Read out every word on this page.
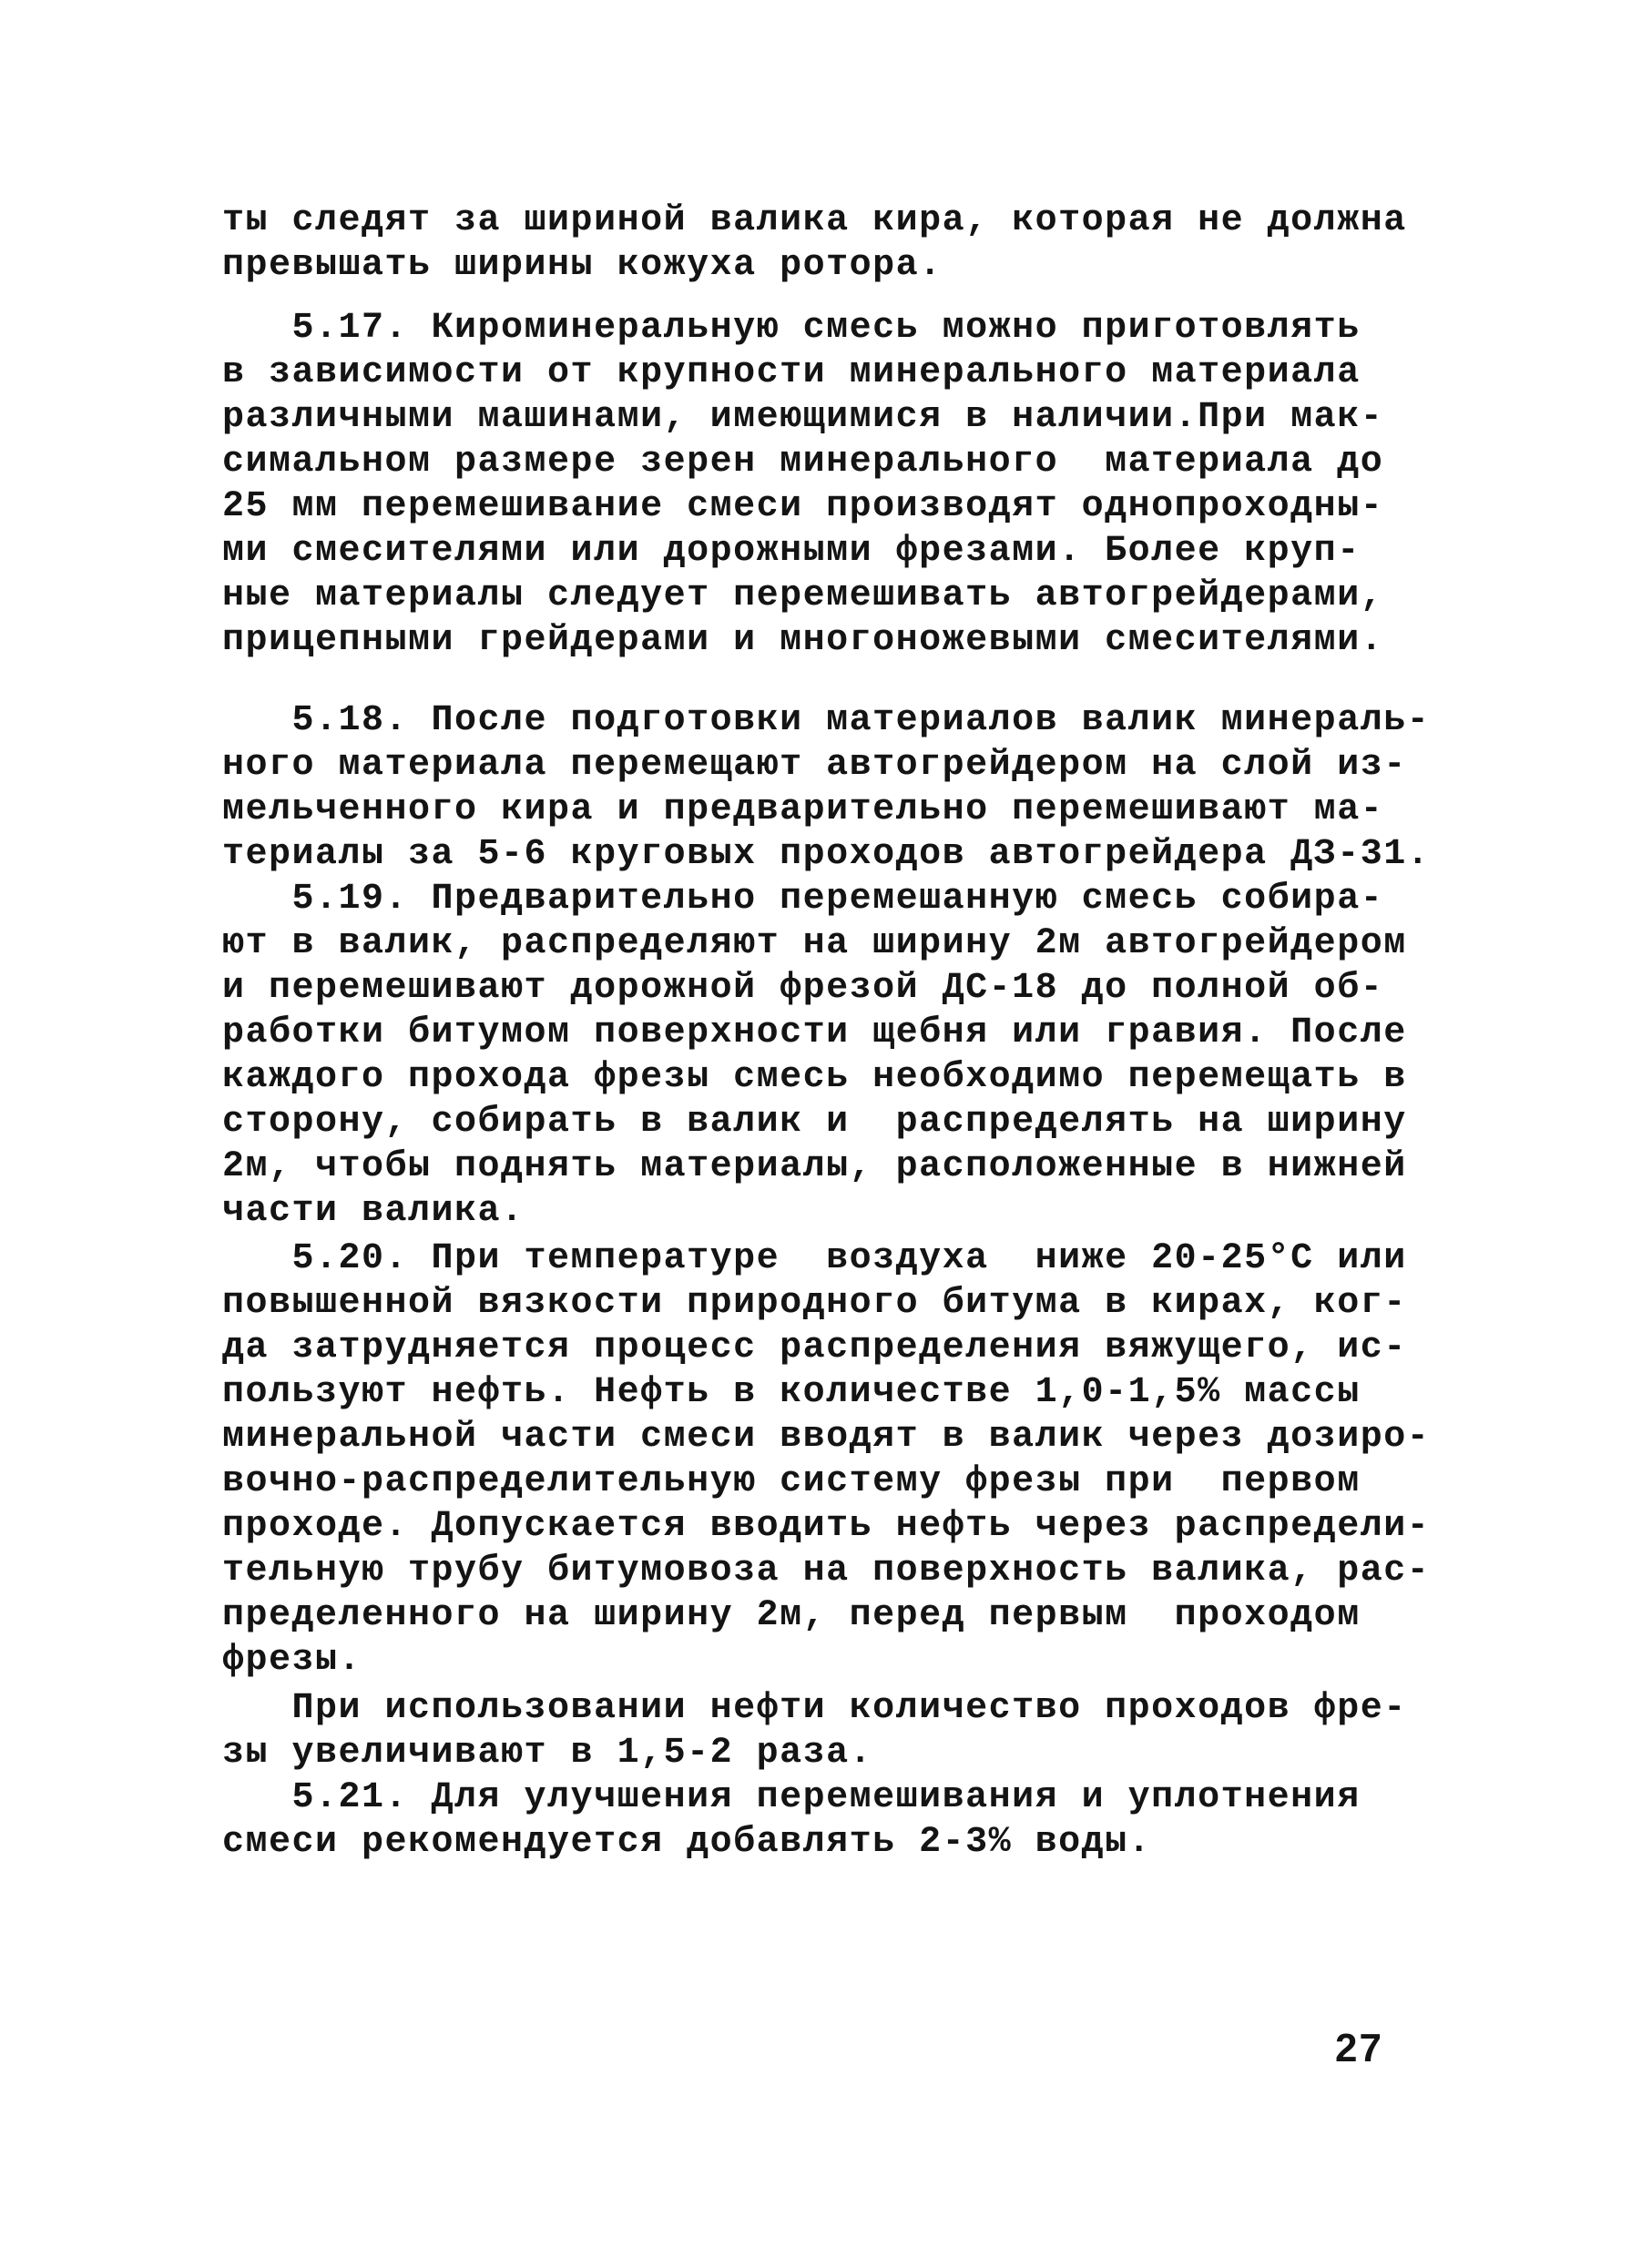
ты следят за шириной валика кира, которая не должна
превышать ширины кожуха ротора.
5.17. Кироминеральную смесь можно приготовлять
в зависимости от крупности минерального материала
различными машинами, имеющимися в наличии.При мак-
симальном размере зерен минерального  материала до
25 мм перемешивание смеси производят однопроходны-
ми смесителями или дорожными фрезами. Более круп-
ные материалы следует перемешивать автогрейдерами,
прицепными грейдерами и многоножевыми смесителями.
5.18. После подготовки материалов валик минераль-
ного материала перемещают автогрейдером на слой из-
мельченного кира и предварительно перемешивают ма-
териалы за 5-6 круговых проходов автогрейдера ДЗ-31.
5.19. Предварительно перемешанную смесь собира-
ют в валик, распределяют на ширину 2м автогрейдером
и перемешивают дорожной фрезой ДС-18 до полной об-
работки битумом поверхности щебня или гравия. После
каждого прохода фрезы смесь необходимо перемещать в
сторону, собирать в валик и  распределять на ширину
2м, чтобы поднять материалы, расположенные в нижней
части валика.
5.20. При температуре  воздуха  ниже 20-25°С или
повышенной вязкости природного битума в кирах, ког-
да затрудняется процесс распределения вяжущего, ис-
пользуют нефть. Нефть в количестве 1,0-1,5% массы
минеральной части смеси вводят в валик через дозиро-
вочно-распределительную систему фрезы при  первом
проходе. Допускается вводить нефть через распредели-
тельную трубу битумовоза на поверхность валика, рас-
пределенного на ширину 2м, перед первым  проходом
фрезы.
При использовании нефти количество проходов фре-
зы увеличивают в 1,5-2 раза.
5.21. Для улучшения перемешивания и уплотнения
смеси рекомендуется добавлять 2-3% воды.
27
